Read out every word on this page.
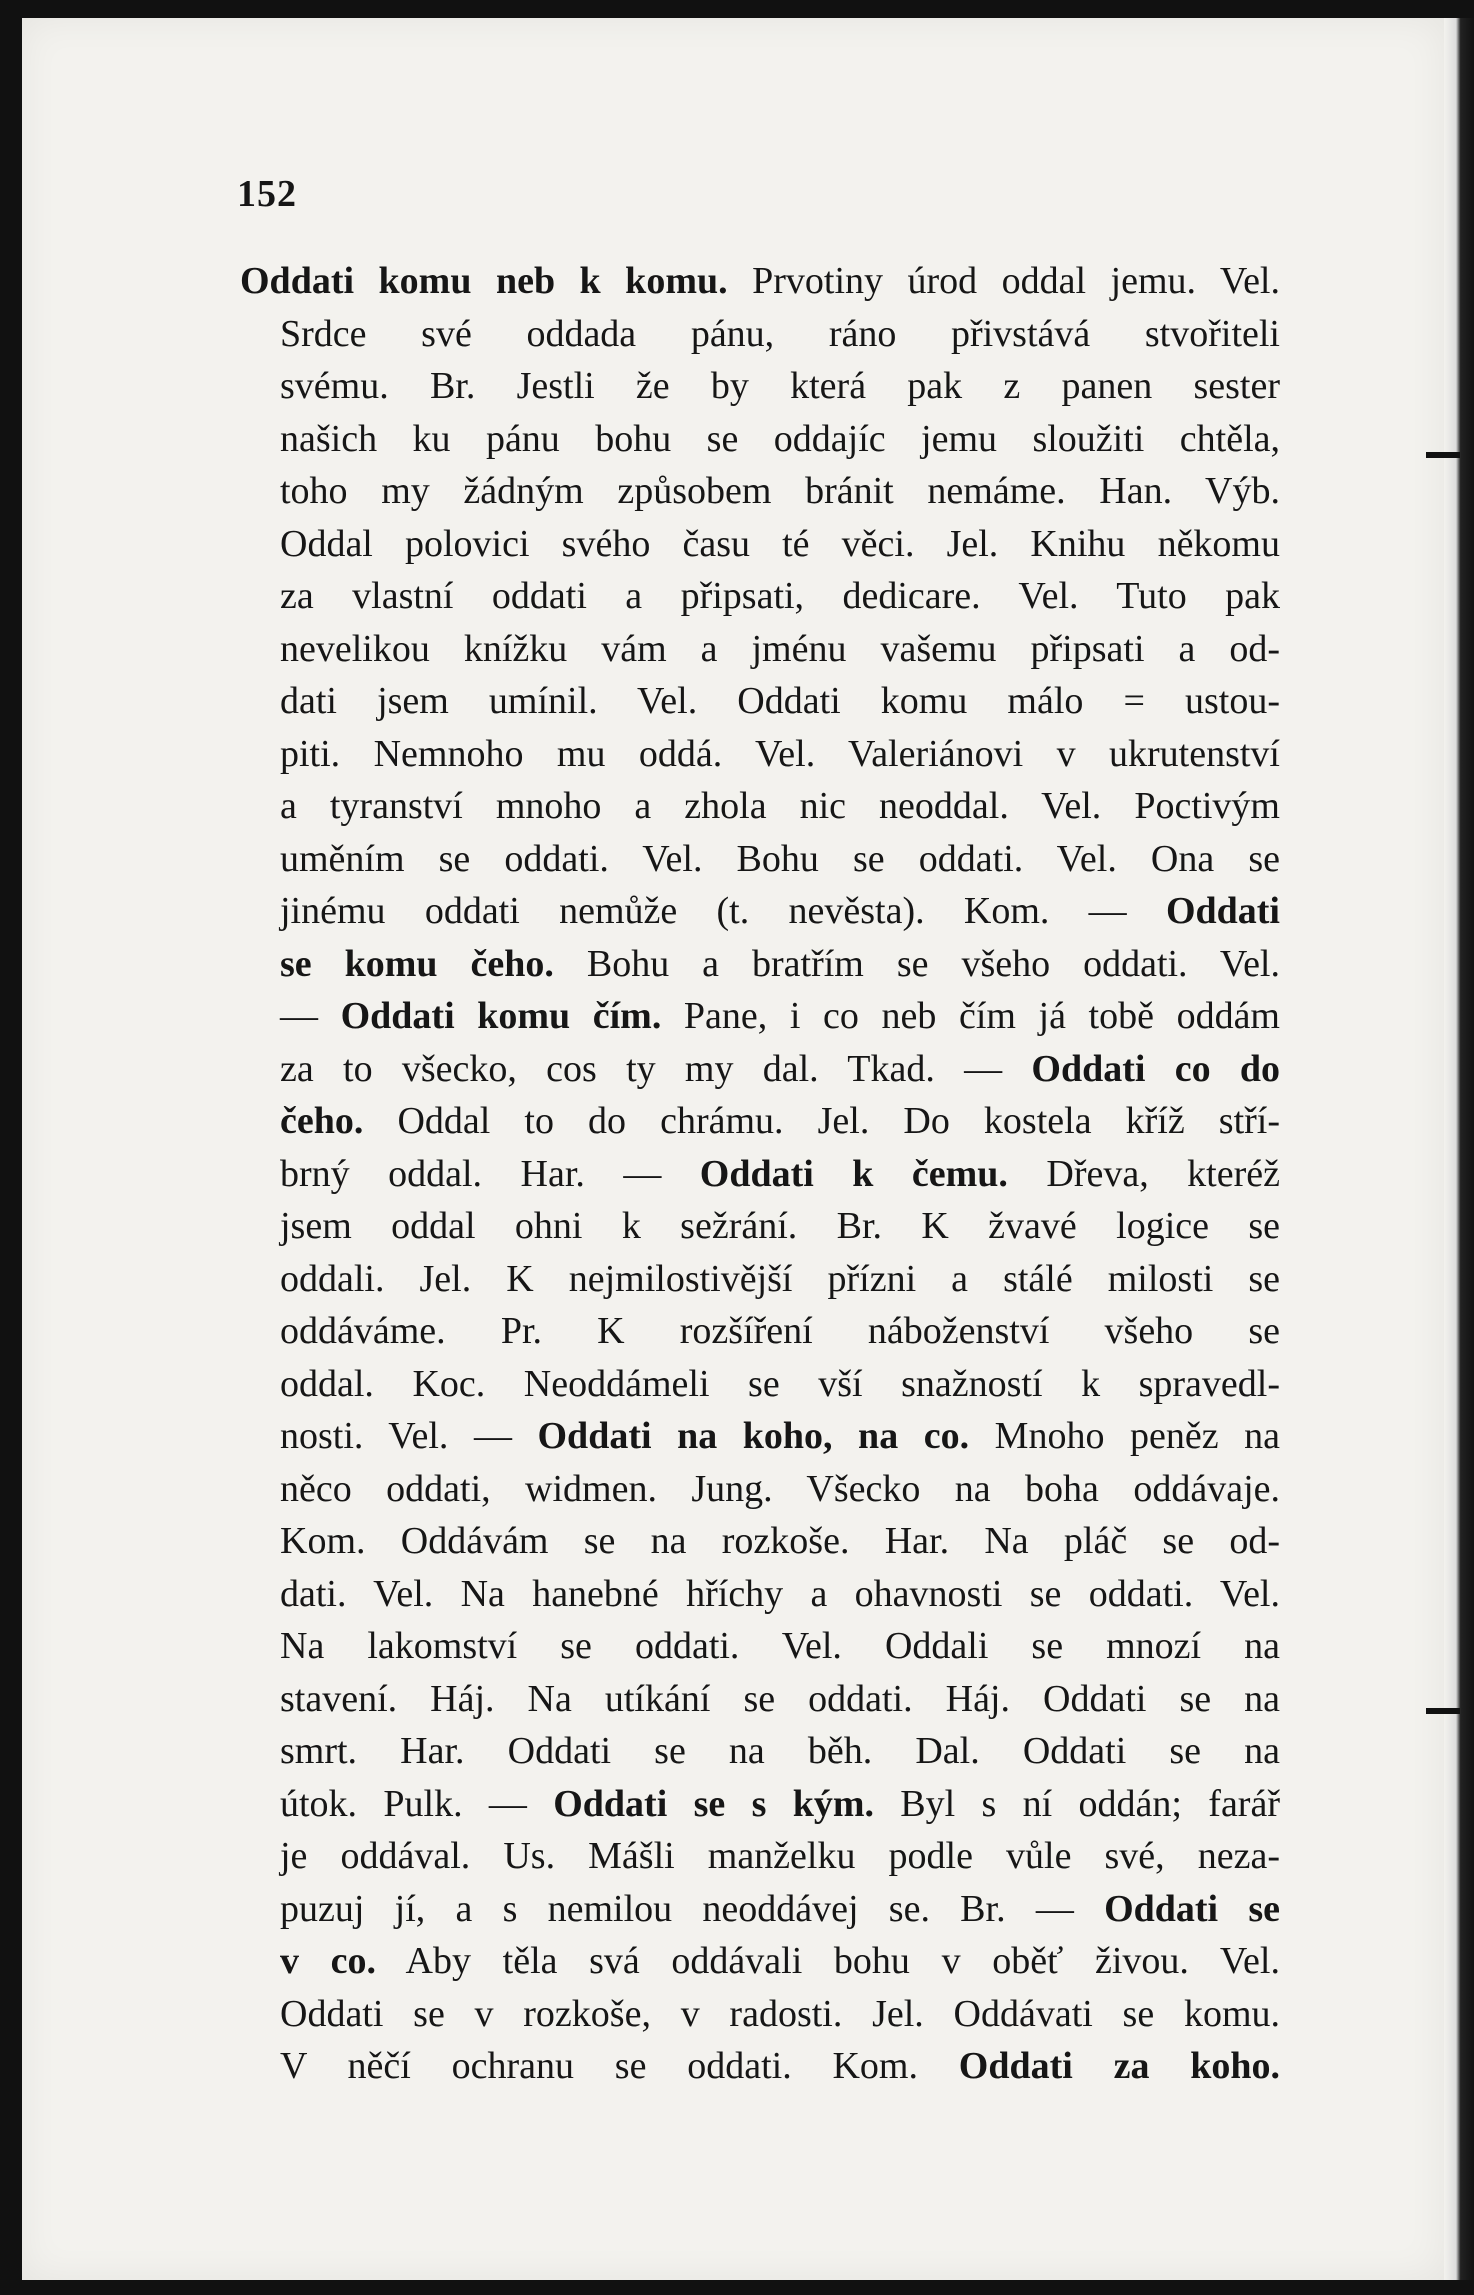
152
Oddati komu neb k komu. Prvotiny úrod oddal jemu. Vel.
Srdce své oddada pánu, ráno přivstává stvořiteli
svému. Br. Jestli že by která pak z panen sester
našich ku pánu bohu se oddajíc jemu sloužiti chtěla,
toho my žádným způsobem bránit nemáme. Han. Výb.
Oddal polovici svého času té věci. Jel. Knihu někomu
za vlastní oddati a připsati, dedicare. Vel. Tuto pak
nevelikou knížku vám a jménu vašemu připsati a od-
dati jsem umínil. Vel. Oddati komu málo = ustou-
piti. Nemnoho mu oddá. Vel. Valeriánovi v ukrutenství
a tyranství mnoho a zhola nic neoddal. Vel. Poctivým
uměním se oddati. Vel. Bohu se oddati. Vel. Ona se
jinému oddati nemůže (t. nevěsta). Kom. — Oddati
se komu čeho. Bohu a bratřím se všeho oddati. Vel.
— Oddati komu čím. Pane, i co neb čím já tobě oddám
za to všecko, cos ty my dal. Tkad. — Oddati co do
čeho. Oddal to do chrámu. Jel. Do kostela kříž stří-
brný oddal. Har. — Oddati k čemu. Dřeva, kteréž
jsem oddal ohni k sežrání. Br. K žvavé logice se
oddali. Jel. K nejmilostivější přízni a stálé milosti se
oddáváme. Pr. K rozšíření náboženství všeho se
oddal. Koc. Neoddámeli se vší snažností k spravedl-
nosti. Vel. — Oddati na koho, na co. Mnoho peněz na
něco oddati, widmen. Jung. Všecko na boha oddávaje.
Kom. Oddávám se na rozkoše. Har. Na pláč se od-
dati. Vel. Na hanebné hříchy a ohavnosti se oddati. Vel.
Na lakomství se oddati. Vel. Oddali se mnozí na
stavení. Háj. Na utíkání se oddati. Háj. Oddati se na
smrt. Har. Oddati se na běh. Dal. Oddati se na
útok. Pulk. — Oddati se s kým. Byl s ní oddán; farář
je oddával. Us. Mášli manželku podle vůle své, neza-
puzuj jí, a s nemilou neoddávej se. Br. — Oddati se
v co. Aby těla svá oddávali bohu v oběť živou. Vel.
Oddati se v rozkoše, v radosti. Jel. Oddávati se komu.
V něčí ochranu se oddati. Kom. Oddati za koho.
